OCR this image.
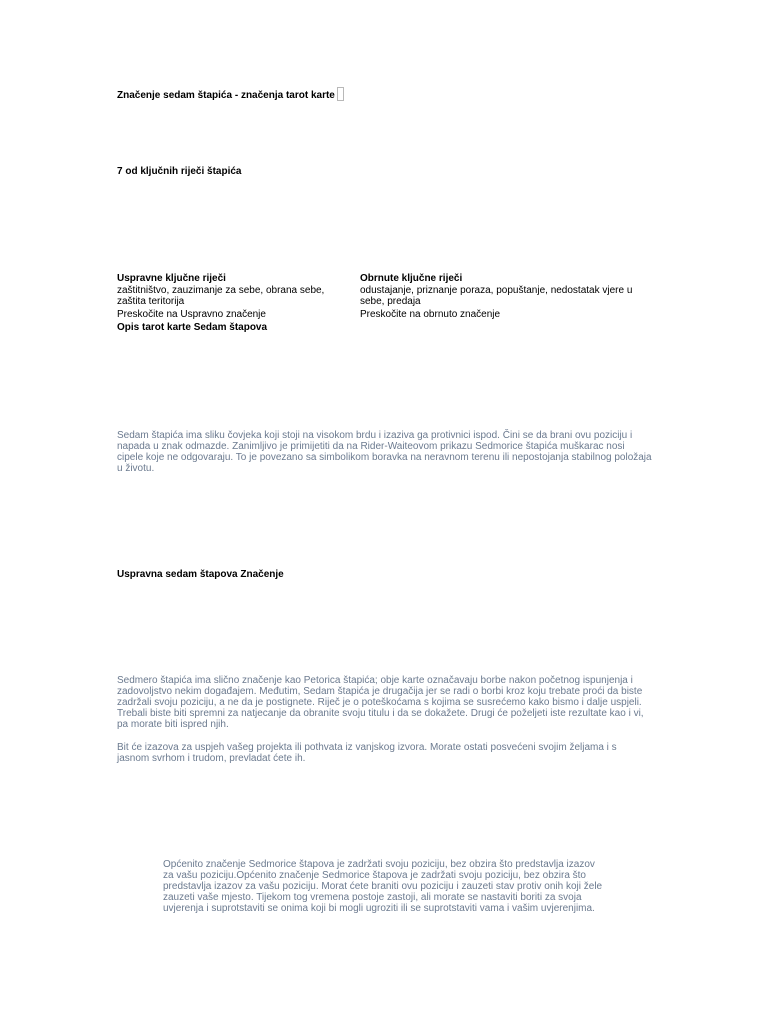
Značenje sedam štapića - značenja tarot karte
7 od ključnih riječi štapića
Uspravne ključne riječi
zaštitništvo, zauzimanje za sebe, obrana sebe, zaštita teritorija
Preskočite na Uspravno značenje
Opis tarot karte Sedam štapova
Obrnute ključne riječi
odustajanje, priznanje poraza, popuštanje, nedostatak vjere u sebe, predaja
Preskočite na obrnuto značenje
Sedam štapića ima sliku čovjeka koji stoji na visokom brdu i izaziva ga protivnici ispod. Čini se da brani ovu poziciju i napada u znak odmazde. Zanimljivo je primijetiti da na Rider-Waiteovom prikazu Sedmorice štapića muškarac nosi cipele koje ne odgovaraju. To je povezano sa simbolikom boravka na neravnom terenu ili nepostojanja stabilnog položaja u životu.
Uspravna sedam štapova Značenje
Sedmero štapića ima slično značenje kao Petorica štapića; obje karte označavaju borbe nakon početnog ispunjenja i zadovoljstvo nekim događajem. Međutim, Sedam štapića je drugačija jer se radi o borbi kroz koju trebate proći da biste zadržali svoju poziciju, a ne da je postignete. Riječ je o poteškoćama s kojima se susrećemo kako bismo i dalje uspjeli. Trebali biste biti spremni za natjecanje da obranite svoju titulu i da se dokažete. Drugi će poželjeti iste rezultate kao i vi, pa morate biti ispred njih.
Bit će izazova za uspjeh vašeg projekta ili pothvata iz vanjskog izvora. Morate ostati posvećeni svojim željama i s jasnom svrhom i trudom, prevladat ćete ih.
Općenito značenje Sedmorice štapova je zadržati svoju poziciju, bez obzira što predstavlja izazov za vašu poziciju.Općenito značenje Sedmorice štapova je zadržati svoju poziciju, bez obzira što predstavlja izazov za vašu poziciju. Morat ćete braniti ovu poziciju i zauzeti stav protiv onih koji žele zauzeti vaše mjesto. Tijekom tog vremena postoje zastoji, ali morate se nastaviti boriti za svoja uvjerenja i suprotstaviti se onima koji bi mogli ugroziti ili se suprotstaviti vama i vašim uvjerenjima.
